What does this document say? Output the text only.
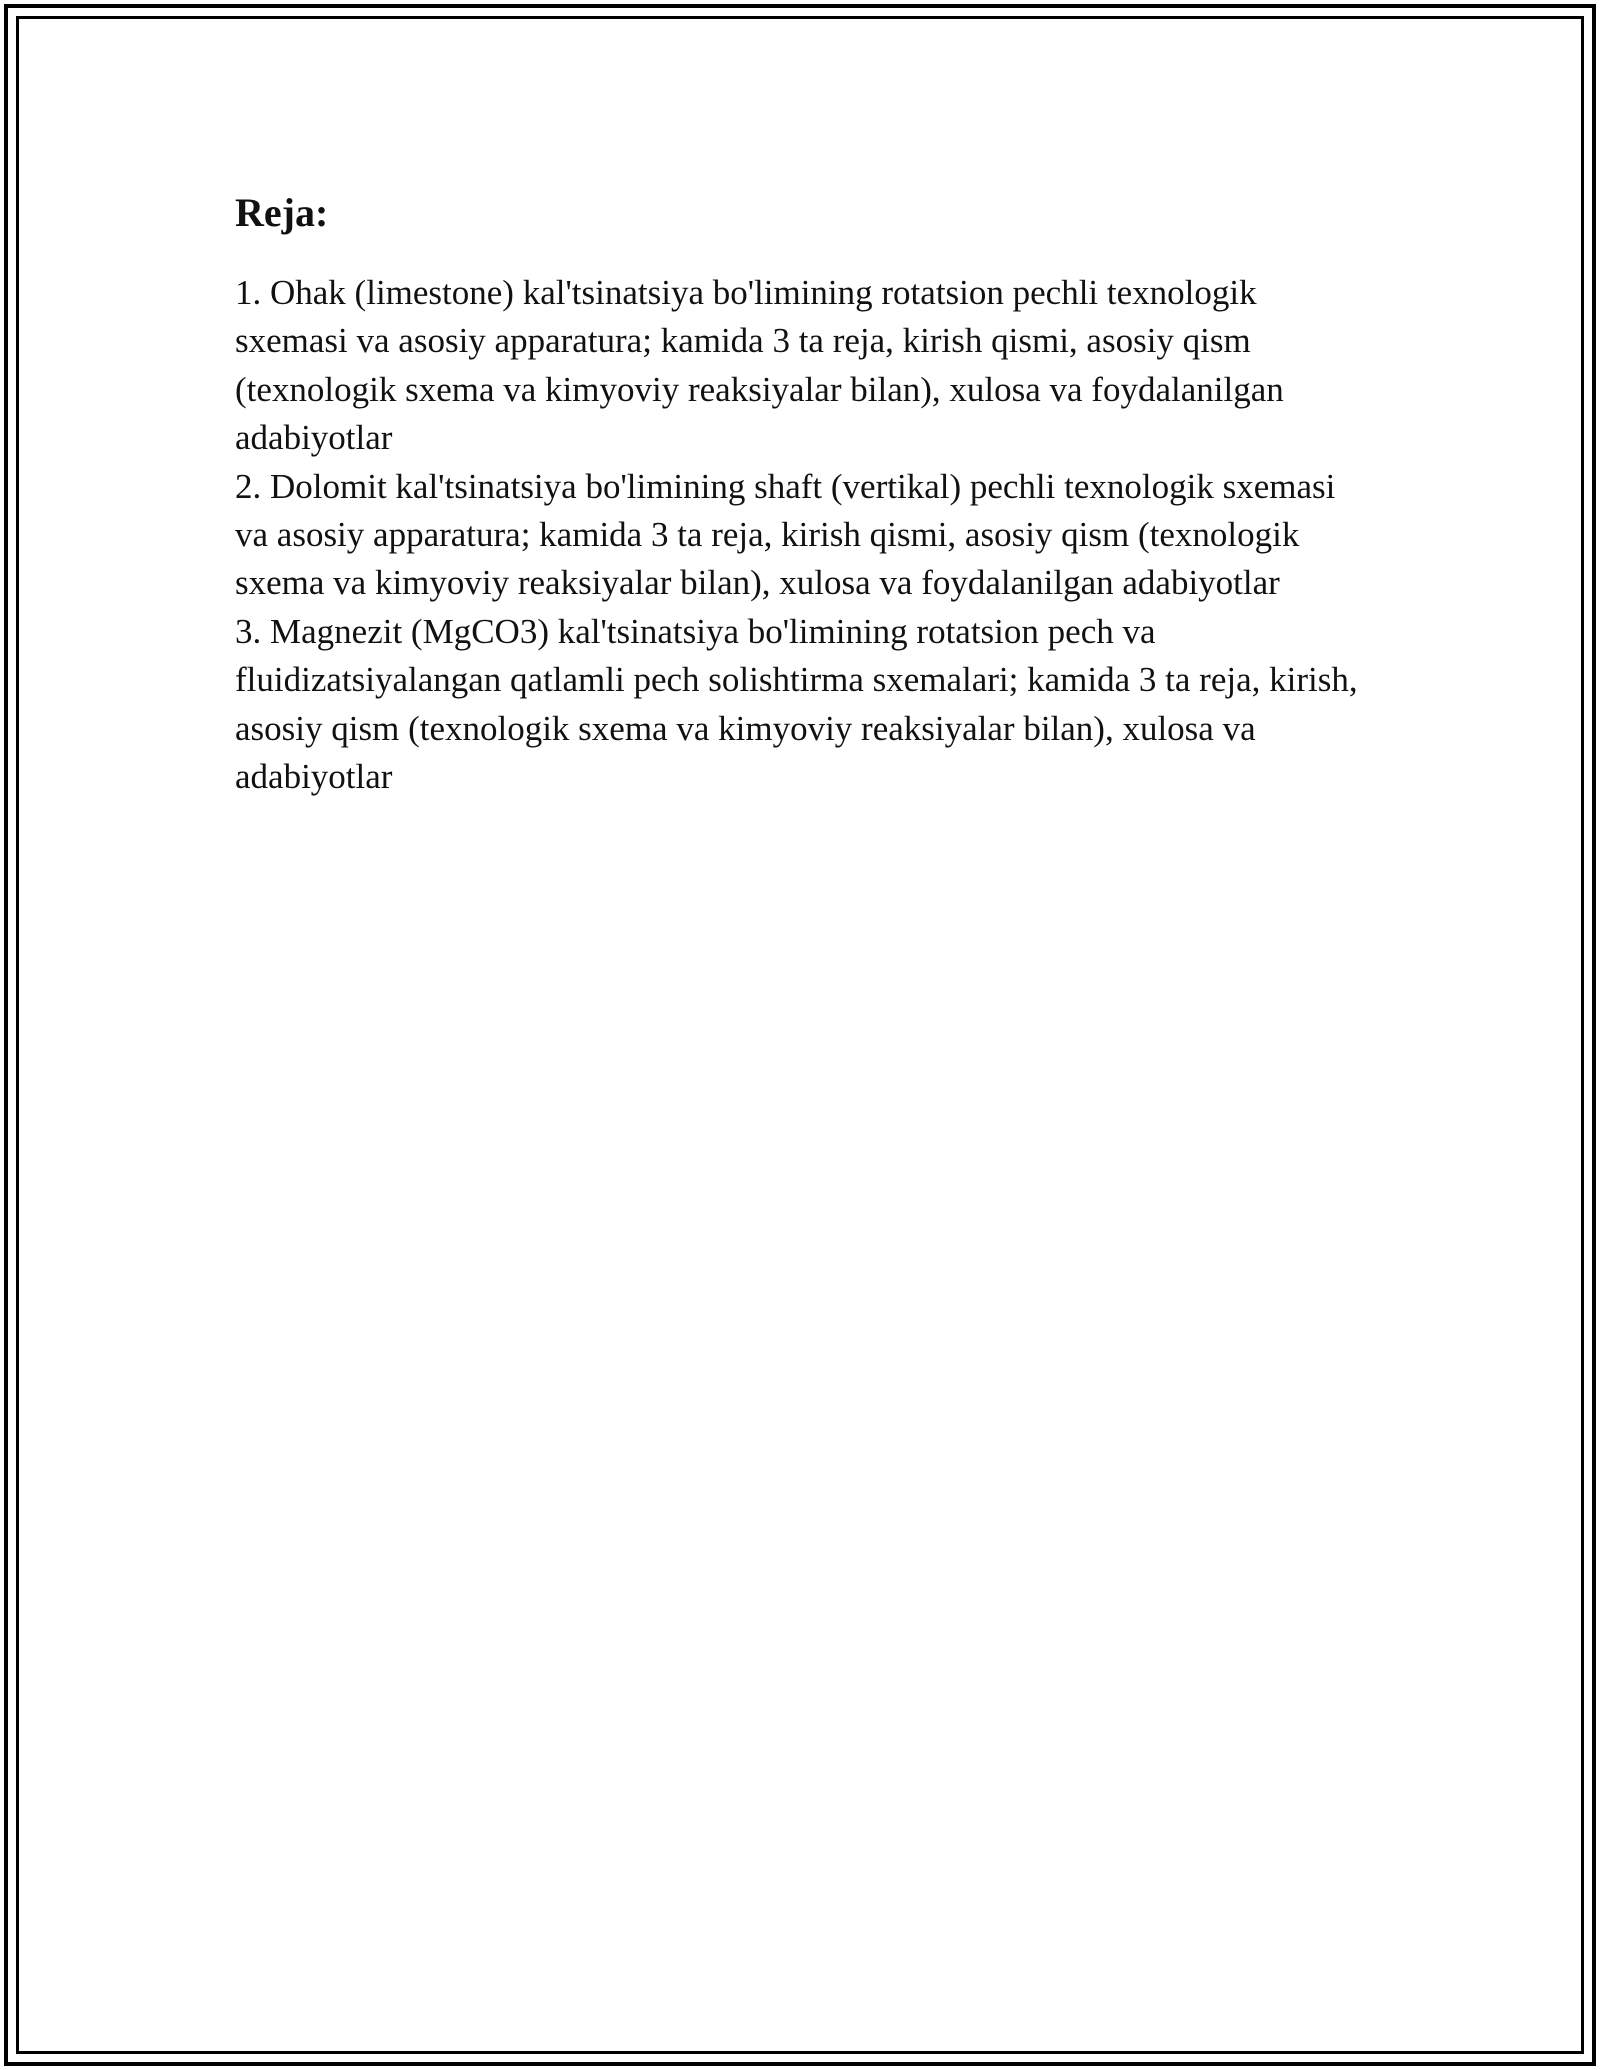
Reja:
1. Ohak (limestone) kal'tsinatsiya bo'limining rotatsion pechli texnologik sxemasi va asosiy apparatura; kamida 3 ta reja, kirish qismi, asosiy qism (texnologik sxema va kimyoviy reaksiyalar bilan), xulosa va foydalanilgan adabiyotlar
2. Dolomit kal'tsinatsiya bo'limining shaft (vertikal) pechli texnologik sxemasi va asosiy apparatura; kamida 3 ta reja, kirish qismi, asosiy qism (texnologik sxema va kimyoviy reaksiyalar bilan), xulosa va foydalanilgan adabiyotlar
3. Magnezit (MgCO3) kal'tsinatsiya bo'limining rotatsion pech va fluidizatsiyalangan qatlamli pech solishtirma sxemalari; kamida 3 ta reja, kirish, asosiy qism (texnologik sxema va kimyoviy reaksiyalar bilan), xulosa va adabiyotlar
